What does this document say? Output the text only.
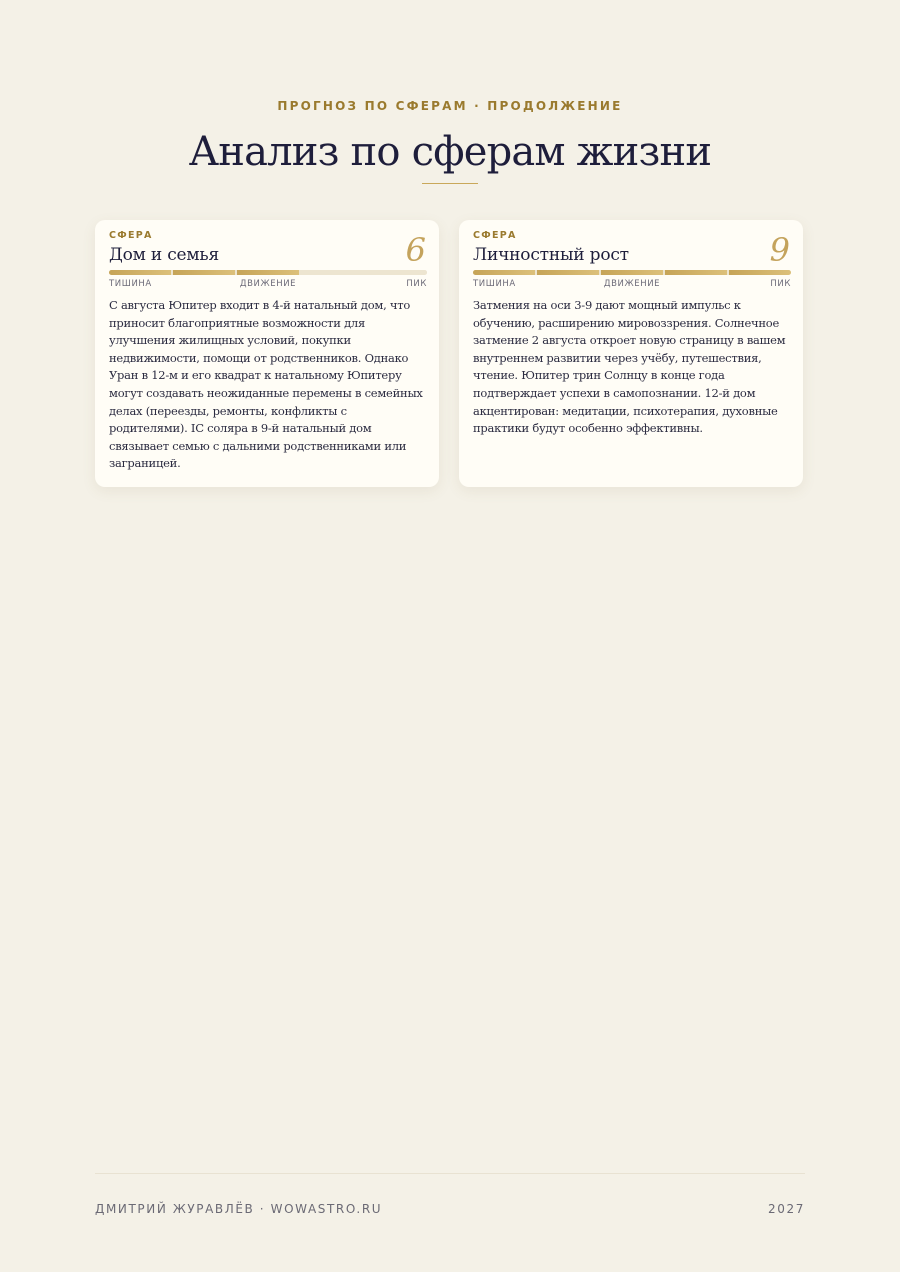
ПРОГНОЗ ПО СФЕРАМ · ПРОДОЛЖЕНИЕ
Анализ по сферам жизни
СФЕРА
Дом и семья	6
ТИШИНА	ДВИЖЕНИЕ	ПИК
С августа Юпитер входит в 4-й натальный дом, что приносит благоприятные возможности для улучшения жилищных условий, покупки недвижимости, помощи от родственников. Однако Уран в 12-м и его квадрат к натальному Юпитеру могут создавать неожиданные перемены в семейных делах (переезды, ремонты, конфликты с родителями). IC соляра в 9-й натальный дом связывает семью с дальними родственниками или заграницей.
СФЕРА
Личностный рост	9
ТИШИНА	ДВИЖЕНИЕ	ПИК
Затмения на оси 3-9 дают мощный импульс к обучению, расширению мировоззрения. Солнечное затмение 2 августа откроет новую страницу в вашем внутреннем развитии через учёбу, путешествия, чтение. Юпитер трин Солнцу в конце года подтверждает успехи в самопознании. 12-й дом акцентирован: медитации, психотерапия, духовные практики будут особенно эффективны.
ДМИТРИЙ ЖУРАВЛЁВ · WOWASTRO.RU	2027
